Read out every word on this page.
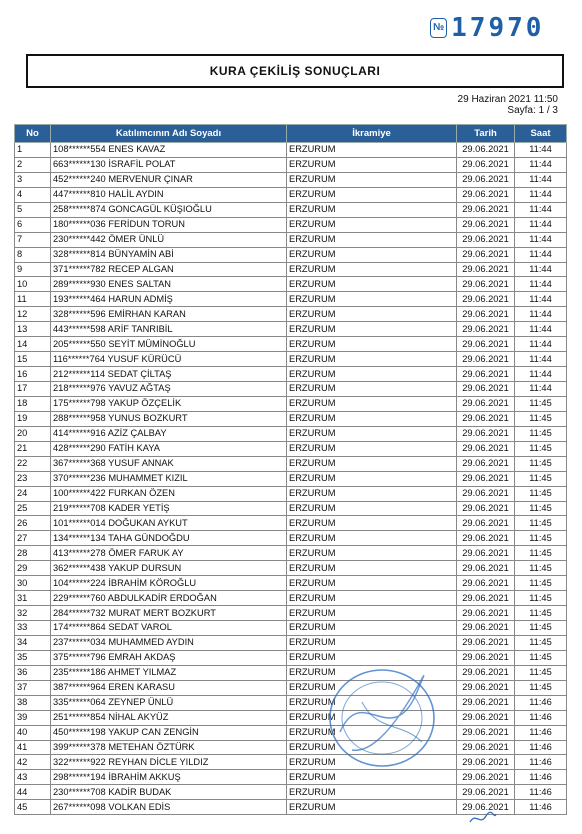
№ 17970
KURA ÇEKİLİŞ SONUÇLARI
29 Haziran 2021 11:50
Sayfa: 1 / 3
No	Katılımcının Adı Soyadı	İkramiye	Tarih	Saat
1	108******554 ENES KAVAZ	ERZURUM	29.06.2021	11:44
2	663******130 İSRAFİL POLAT	ERZURUM	29.06.2021	11:44
3	452******240 MERVENUR ÇINAR	ERZURUM	29.06.2021	11:44
4	447******810 HALİL AYDIN	ERZURUM	29.06.2021	11:44
5	258******874 GONCAGÜL KÜŞIOĞLU	ERZURUM	29.06.2021	11:44
6	180******036 FERİDUN TORUN	ERZURUM	29.06.2021	11:44
7	230******442 ÖMER ÜNLÜ	ERZURUM	29.06.2021	11:44
8	328******814 BÜNYAMİN ABİ	ERZURUM	29.06.2021	11:44
9	371******782 RECEP ALGAN	ERZURUM	29.06.2021	11:44
10	289******930 ENES SALTAN	ERZURUM	29.06.2021	11:44
11	193******464 HARUN ADMİŞ	ERZURUM	29.06.2021	11:44
12	328******596 EMİRHAN KARAN	ERZURUM	29.06.2021	11:44
13	443******598 ARİF TANRIBİL	ERZURUM	29.06.2021	11:44
14	205******550 SEYİT MÜMİNOĞLU	ERZURUM	29.06.2021	11:44
15	116******764 YUSUF KÜRÜCÜ	ERZURUM	29.06.2021	11:44
16	212******114 SEDAT ÇİLTAŞ	ERZURUM	29.06.2021	11:44
17	218******976 YAVUZ AĞTAŞ	ERZURUM	29.06.2021	11:44
18	175******798 YAKUP ÖZÇELİK	ERZURUM	29.06.2021	11:45
19	288******958 YUNUS BOZKURT	ERZURUM	29.06.2021	11:45
20	414******916 AZİZ ÇALBAY	ERZURUM	29.06.2021	11:45
21	428******290 FATİH KAYA	ERZURUM	29.06.2021	11:45
22	367******368 YUSUF ANNAK	ERZURUM	29.06.2021	11:45
23	370******236 MUHAMMET KIZIL	ERZURUM	29.06.2021	11:45
24	100******422 FURKAN ÖZEN	ERZURUM	29.06.2021	11:45
25	219******708 KADER YETİŞ	ERZURUM	29.06.2021	11:45
26	101******014 DOĞUKAN AYKUT	ERZURUM	29.06.2021	11:45
27	134******134 TAHA GÜNDOĞDU	ERZURUM	29.06.2021	11:45
28	413******278 ÖMER FARUK AY	ERZURUM	29.06.2021	11:45
29	362******438 YAKUP DURSUN	ERZURUM	29.06.2021	11:45
30	104******224 İBRAHİM KÖROĞLU	ERZURUM	29.06.2021	11:45
31	229******760 ABDULKADİR ERDOĞAN	ERZURUM	29.06.2021	11:45
32	284******732 MURAT MERT BOZKURT	ERZURUM	29.06.2021	11:45
33	174******864 SEDAT VAROL	ERZURUM	29.06.2021	11:45
34	237******034 MUHAMMED AYDIN	ERZURUM	29.06.2021	11:45
35	375******796 EMRAH AKDAŞ	ERZURUM	29.06.2021	11:45
36	235******186 AHMET YILMAZ	ERZURUM	29.06.2021	11:45
37	387******964 EREN KARASU	ERZURUM	29.06.2021	11:45
38	335******064 ZEYNEP ÜNLÜ	ERZURUM	29.06.2021	11:46
39	251******854 NİHAL AKYÜZ	ERZURUM	29.06.2021	11:46
40	450******198 YAKUP CAN ZENGİN	ERZURUM	29.06.2021	11:46
41	399******378 METEHAN ÖZTÜRK	ERZURUM	29.06.2021	11:46
42	322******922 REYHAN DİCLE YILDIZ	ERZURUM	29.06.2021	11:46
43	298******194 İBRAHİM AKKUŞ	ERZURUM	29.06.2021	11:46
44	230******708 KADİR BUDAK	ERZURUM	29.06.2021	11:46
45	267******098 VOLKAN EDİS	ERZURUM	29.06.2021	11:46
